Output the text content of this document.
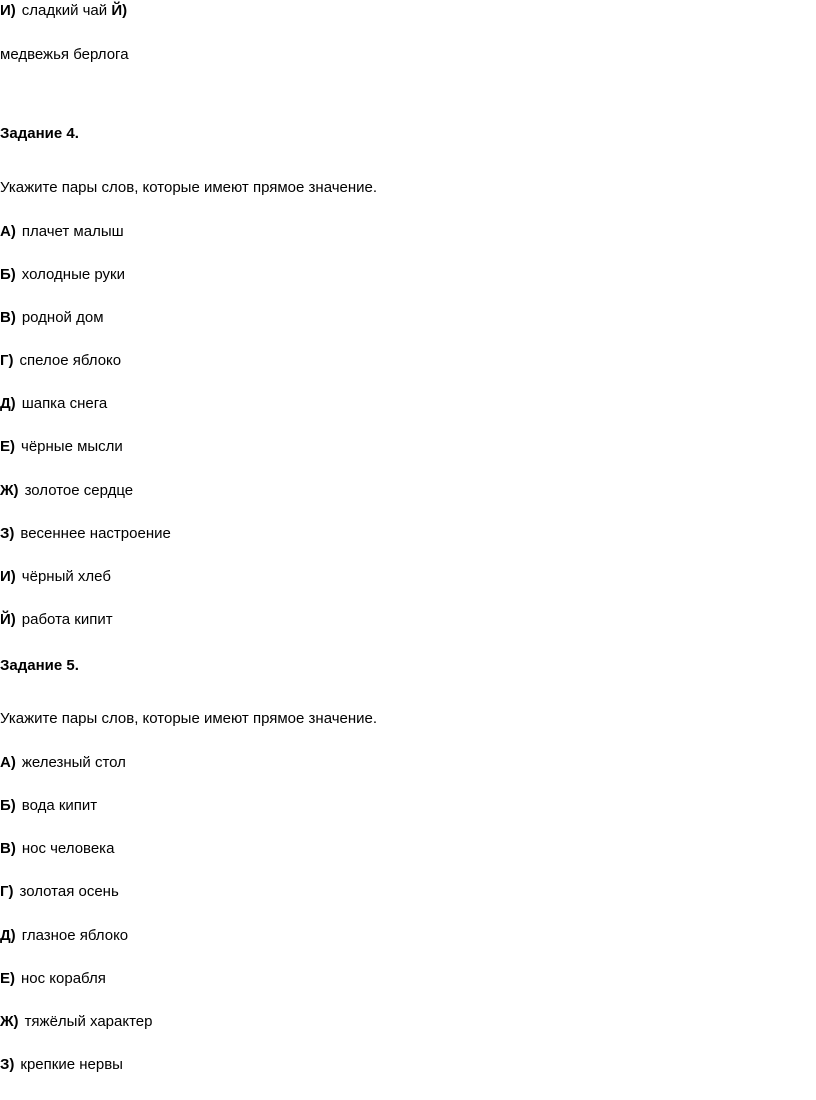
И) сладкий чай Й)
медвежья берлога
Задание 4.
Укажите пары слов, которые имеют прямое значение.
А) плачет малыш
Б) холодные руки
В) родной дом
Г) спелое яблоко
Д) шапка снега
Е) чёрные мысли
Ж) золотое сердце
З) весеннее настроение
И) чёрный хлеб
Й) работа кипит
Задание 5.
Укажите пары слов, которые имеют прямое значение.
А) железный стол
Б) вода кипит
В) нос человека
Г) золотая осень
Д) глазное яблоко
Е) нос корабля
Ж) тяжёлый характер
З) крепкие нервы
